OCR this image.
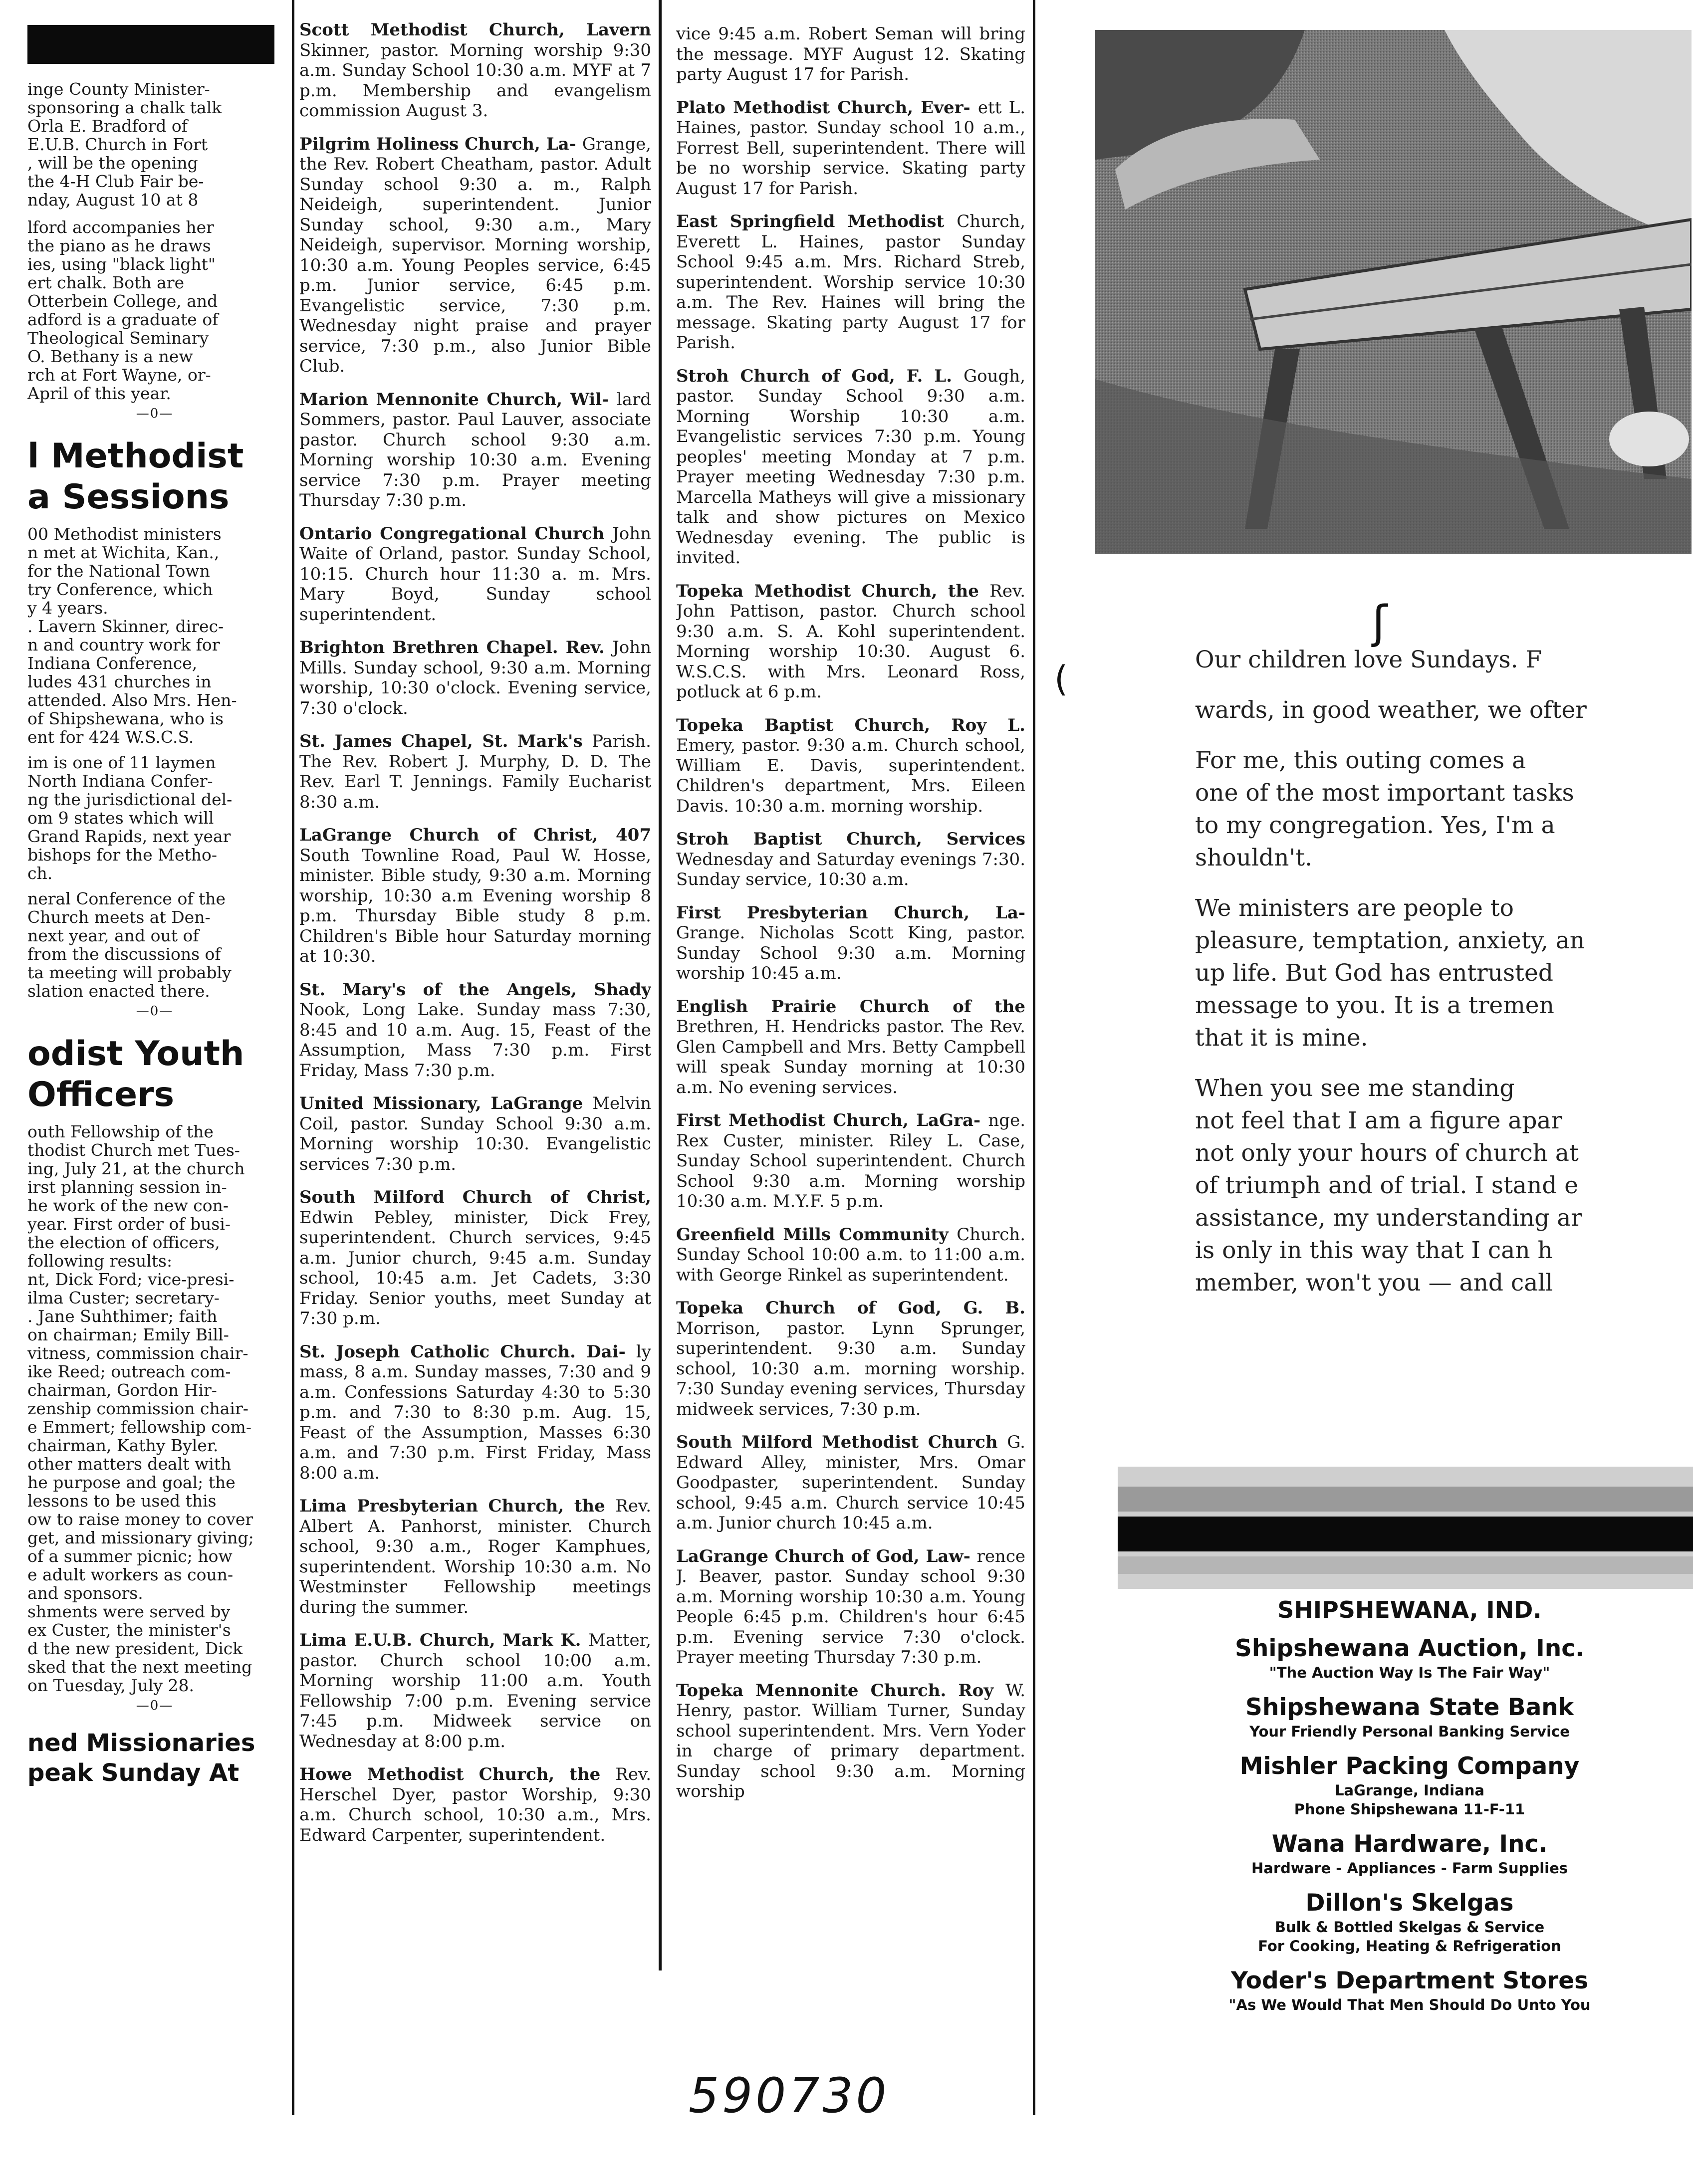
inge County Minister-

sponsoring a chalk talk

Orla E. Bradford of

E.U.B. Church in Fort

, will be the opening

the 4-H Club Fair be-

nday, August 10 at 8

lford accompanies her

the piano as he draws

ies, using "black light"

ert chalk. Both are

Otterbein College, and

adford is a graduate of

Theological Seminary

O. Bethany is a new

rch at Fort Wayne, or-

April of this year.

—0—

l Methodist

a Sessions

00 Methodist ministers

n met at Wichita, Kan.,

for the National Town

try Conference, which

y 4 years.

. Lavern Skinner, direc-

n and country work for

Indiana Conference,

ludes 431 churches in

attended. Also Mrs. Hen-

of Shipshewana, who is

ent for 424 W.S.C.S.

im is one of 11 laymen

North Indiana Confer-

ng the jurisdictional del-

om 9 states which will

Grand Rapids, next year

bishops for the Metho-

ch.

neral Conference of the

Church meets at Den-

next year, and out of

from the discussions of

ta meeting will probably

slation enacted there.

—0—

odist Youth

Officers

outh Fellowship of the

thodist Church met Tues-

ing, July 21, at the church

irst planning session in-

he work of the new con-

year. First order of busi-

the election of officers,

following results:

nt, Dick Ford; vice-presi-

ilma Custer; secretary-

. Jane Suhthimer; faith

on chairman; Emily Bill-

vitness, commission chair-

ike Reed; outreach com-

chairman, Gordon Hir-

zenship commission chair-

e Emmert; fellowship com-

chairman, Kathy Byler.

other matters dealt with

he purpose and goal; the

lessons to be used this

ow to raise money to cover

get, and missionary giving;

of a summer picnic; how

e adult workers as coun-

and sponsors.

shments were served by

ex Custer, the minister's

d the new president, Dick

sked that the next meeting

on Tuesday, July 28.

—0—

ned Missionaries

peak Sunday At

Scott Methodist Church, Lavern Skinner, pastor. Morning worship 9:30 a.m. Sunday School 10:30 a.m. MYF at 7 p.m. Membership and evangelism commission August 3.
Pilgrim Holiness Church, La- Grange, the Rev. Robert Cheatham, pastor. Adult Sunday school 9:30 a. m., Ralph Neideigh, superintendent. Junior Sunday school, 9:30 a.m., Mary Neideigh, supervisor. Morning worship, 10:30 a.m. Young Peoples service, 6:45 p.m. Junior service, 6:45 p.m. Evangelistic service, 7:30 p.m. Wednesday night praise and prayer service, 7:30 p.m., also Junior Bible Club.
Marion Mennonite Church, Wil- lard Sommers, pastor. Paul Lauver, associate pastor. Church school 9:30 a.m. Morning worship 10:30 a.m. Evening service 7:30 p.m. Prayer meeting Thursday 7:30 p.m.
Ontario Congregational Church John Waite of Orland, pastor. Sunday School, 10:15. Church hour 11:30 a. m. Mrs. Mary Boyd, Sunday school superintendent.
Brighton Brethren Chapel. Rev. John Mills. Sunday school, 9:30 a.m. Morning worship, 10:30 o'clock. Evening service, 7:30 o'clock.
St. James Chapel, St. Mark's Parish. The Rev. Robert J. Murphy, D. D. The Rev. Earl T. Jennings. Family Eucharist 8:30 a.m.
LaGrange Church of Christ, 407 South Townline Road, Paul W. Hosse, minister. Bible study, 9:30 a.m. Morning worship, 10:30 a.m Evening worship 8 p.m. Thursday Bible study 8 p.m. Children's Bible hour Saturday morning at 10:30.
St. Mary's of the Angels, Shady Nook, Long Lake. Sunday mass 7:30, 8:45 and 10 a.m. Aug. 15, Feast of the Assumption, Mass 7:30 p.m. First Friday, Mass 7:30 p.m.
United Missionary, LaGrange Melvin Coil, pastor. Sunday School 9:30 a.m. Morning worship 10:30. Evangelistic services 7:30 p.m.
South Milford Church of Christ, Edwin Pebley, minister, Dick Frey, superintendent. Church services, 9:45 a.m. Junior church, 9:45 a.m. Sunday school, 10:45 a.m. Jet Cadets, 3:30 Friday. Senior youths, meet Sunday at 7:30 p.m.
St. Joseph Catholic Church. Dai- ly mass, 8 a.m. Sunday masses, 7:30 and 9 a.m. Confessions Saturday 4:30 to 5:30 p.m. and 7:30 to 8:30 p.m. Aug. 15, Feast of the Assumption, Masses 6:30 a.m. and 7:30 p.m. First Friday, Mass 8:00 a.m.
Lima Presbyterian Church, the Rev. Albert A. Panhorst, minister. Church school, 9:30 a.m., Roger Kamphues, superintendent. Worship 10:30 a.m. No Westminster Fellowship meetings during the summer.
Lima E.U.B. Church, Mark K. Matter, pastor. Church school 10:00 a.m. Morning worship 11:00 a.m. Youth Fellowship 7:00 p.m. Evening service 7:45 p.m. Midweek service on Wednesday at 8:00 p.m.
Howe Methodist Church, the Rev. Herschel Dyer, pastor Worship, 9:30 a.m. Church school, 10:30 a.m., Mrs. Edward Carpenter, superintendent.
vice 9:45 a.m. Robert Seman will bring the message. MYF August 12. Skating party August 17 for Parish.
Plato Methodist Church, Ever- ett L. Haines, pastor. Sunday school 10 a.m., Forrest Bell, superintendent. There will be no worship service. Skating party August 17 for Parish.
East Springfield Methodist Church, Everett L. Haines, pastor Sunday School 9:45 a.m. Mrs. Richard Streb, superintendent. Worship service 10:30 a.m. The Rev. Haines will bring the message. Skating party August 17 for Parish.
Stroh Church of God, F. L. Gough, pastor. Sunday School 9:30 a.m. Morning Worship 10:30 a.m. Evangelistic services 7:30 p.m. Young peoples' meeting Monday at 7 p.m. Prayer meeting Wednesday 7:30 p.m. Marcella Matheys will give a missionary talk and show pictures on Mexico Wednesday evening. The public is invited.
Topeka Methodist Church, the Rev. John Pattison, pastor. Church school 9:30 a.m. S. A. Kohl superintendent. Morning worship 10:30. August 6. W.S.C.S. with Mrs. Leonard Ross, potluck at 6 p.m.
Topeka Baptist Church, Roy L. Emery, pastor. 9:30 a.m. Church school, William E. Davis, superintendent. Children's department, Mrs. Eileen Davis. 10:30 a.m. morning worship.
Stroh Baptist Church, Services Wednesday and Saturday evenings 7:30. Sunday service, 10:30 a.m.
First Presbyterian Church, La- Grange. Nicholas Scott King, pastor. Sunday School 9:30 a.m. Morning worship 10:45 a.m.
English Prairie Church of the Brethren, H. Hendricks pastor. The Rev. Glen Campbell and Mrs. Betty Campbell will speak Sunday morning at 10:30 a.m. No evening services.
First Methodist Church, LaGra- nge. Rex Custer, minister. Riley L. Case, Sunday School superintendent. Church School 9:30 a.m. Morning worship 10:30 a.m. M.Y.F. 5 p.m.
Greenfield Mills Community Church. Sunday School 10:00 a.m. to 11:00 a.m. with George Rinkel as superintendent.
Topeka Church of God, G. B. Morrison, pastor. Lynn Sprunger, superintendent. 9:30 a.m. Sunday school, 10:30 a.m. morning worship. 7:30 Sunday evening services, Thursday midweek services, 7:30 p.m.
South Milford Methodist Church G. Edward Alley, minister, Mrs. Omar Goodpaster, superintendent. Sunday school, 9:45 a.m. Church service 10:45 a.m. Junior church 10:45 a.m.
LaGrange Church of God, Law- rence J. Beaver, pastor. Sunday school 9:30 a.m. Morning worship 10:30 a.m. Young People 6:45 p.m. Children's hour 6:45 p.m. Evening service 7:30 o'clock. Prayer meeting Thursday 7:30 p.m.
Topeka Mennonite Church. Roy W. Henry, pastor. William Turner, Sunday school superintendent. Mrs. Vern Yoder in charge of primary department. Sunday school 9:30 a.m. Morning worship
ʃ
(	Our children love Sundays. F

wards, in good weather, we ofter

For me, this outing comes a
one of the most important tasks
to my congregation. Yes, I'm a
shouldn't.

We ministers are people to
pleasure, temptation, anxiety, an
up life. But God has entrusted
message to you. It is a tremen
that it is mine.

When you see me standing
not feel that I am a figure apar
not only your hours of church at
of triumph and of trial. I stand e
assistance, my understanding ar
is only in this way that I can h
member, won't you — and call

SHIPSHEWANA, IND.
Shipshewana Auction, Inc.
"The Auction Way Is The Fair Way"
Shipshewana State Bank
Your Friendly Personal Banking Service
Mishler Packing Company
LaGrange, Indiana
Phone Shipshewana 11-F-11
Wana Hardware, Inc.
Hardware - Appliances - Farm Supplies
Dillon's Skelgas
Bulk & Bottled Skelgas & Service
For Cooking, Heating & Refrigeration
Yoder's Department Stores
"As We Would That Men Should Do Unto You
590730
